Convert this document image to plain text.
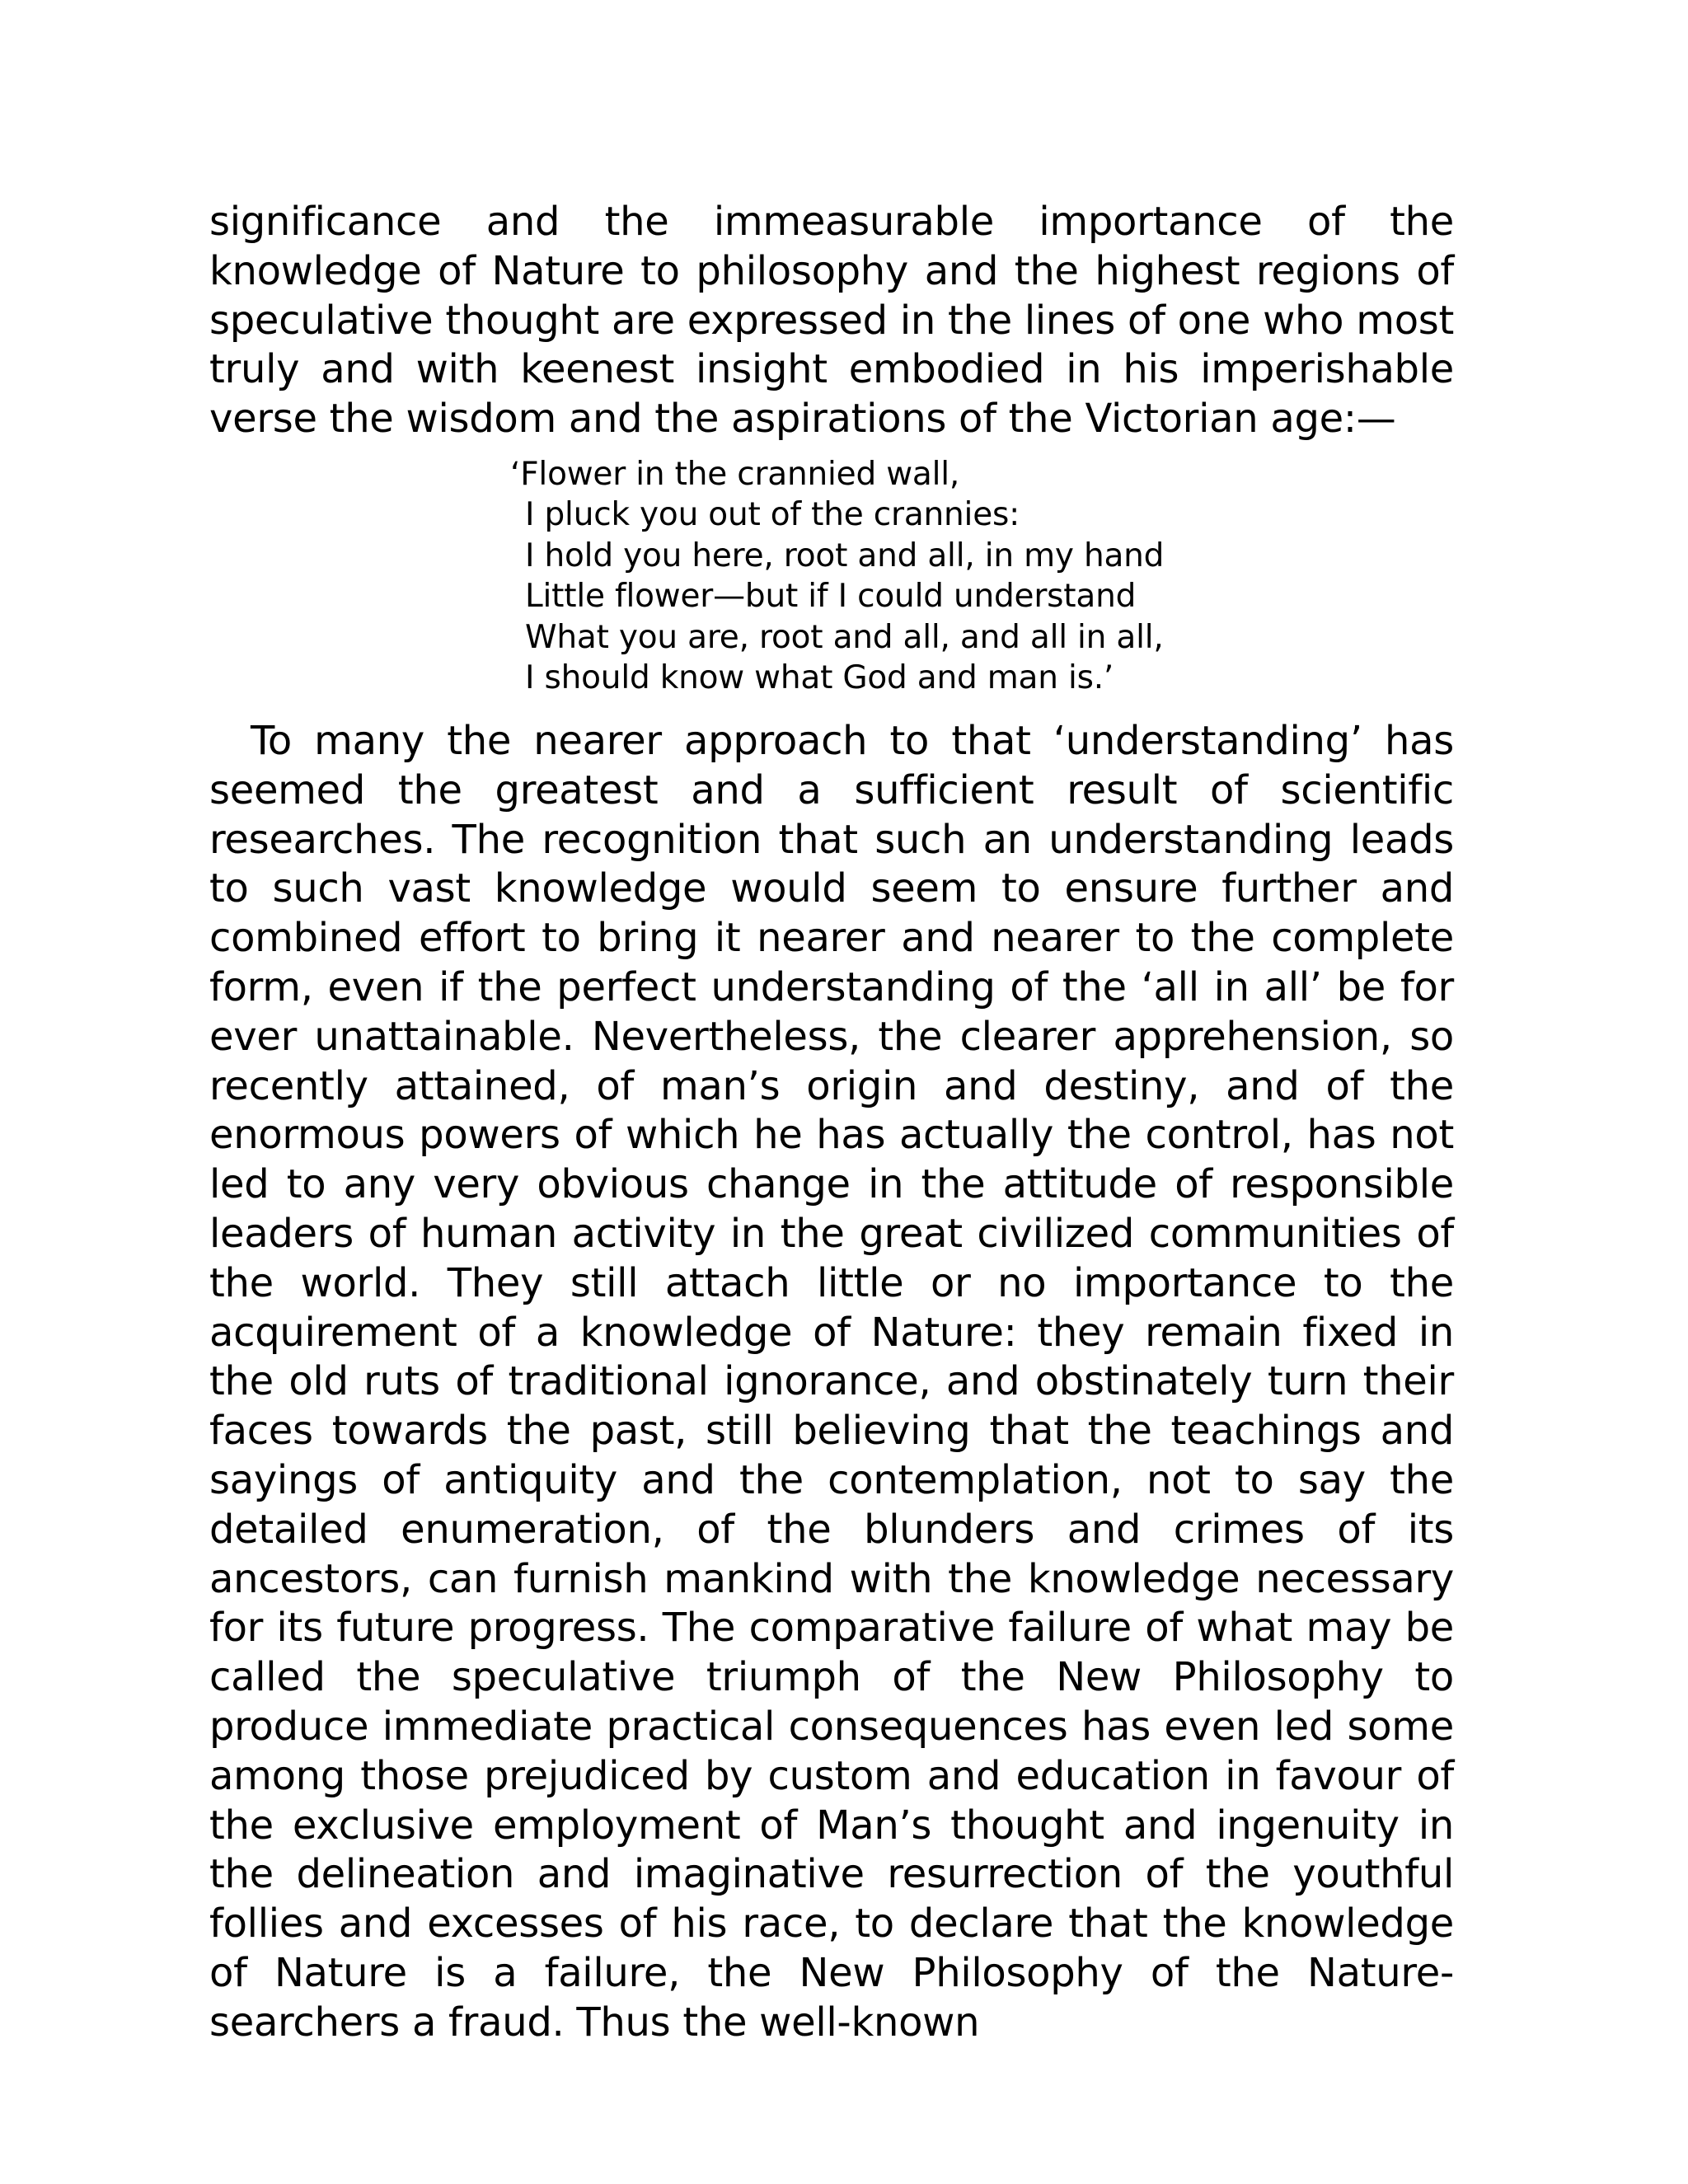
significance and the immeasurable importance of the knowledge of Nature to philosophy and the highest regions of speculative thought are expressed in the lines of one who most truly and with keenest insight embodied in his imperishable verse the wisdom and the aspirations of the Victorian age:—

‘Flower in the crannied wall,
I pluck you out of the crannies:
I hold you here, root and all, in my hand
Little flower—but if I could understand
What you are, root and all, and all in all,
I should know what God and man is.’

To many the nearer approach to that ‘understanding’ has seemed the greatest and a sufficient result of scientific researches. The recognition that such an understanding leads to such vast knowledge would seem to ensure further and combined effort to bring it nearer and nearer to the complete form, even if the perfect understanding of the ‘all in all’ be for ever unattainable. Nevertheless, the clearer apprehension, so recently attained, of man’s origin and destiny, and of the enormous powers of which he has actually the control, has not led to any very obvious change in the attitude of responsible leaders of human activity in the great civilized communities of the world. They still attach little or no importance to the acquirement of a knowledge of Nature: they remain fixed in the old ruts of traditional ignorance, and obstinately turn their faces towards the past, still believing that the teachings and sayings of antiquity and the contemplation, not to say the detailed enumeration, of the blunders and crimes of its ancestors, can furnish mankind with the knowledge necessary for its future progress. The comparative failure of what may be called the speculative triumph of the New Philosophy to produce immediate practical consequences has even led some among those prejudiced by custom and education in favour of the exclusive employment of Man’s thought and ingenuity in the delineation and imaginative resurrection of the youthful follies and excesses of his race, to declare that the knowledge of Nature is a failure, the New Philosophy of the Nature-searchers a fraud. Thus the well-known
